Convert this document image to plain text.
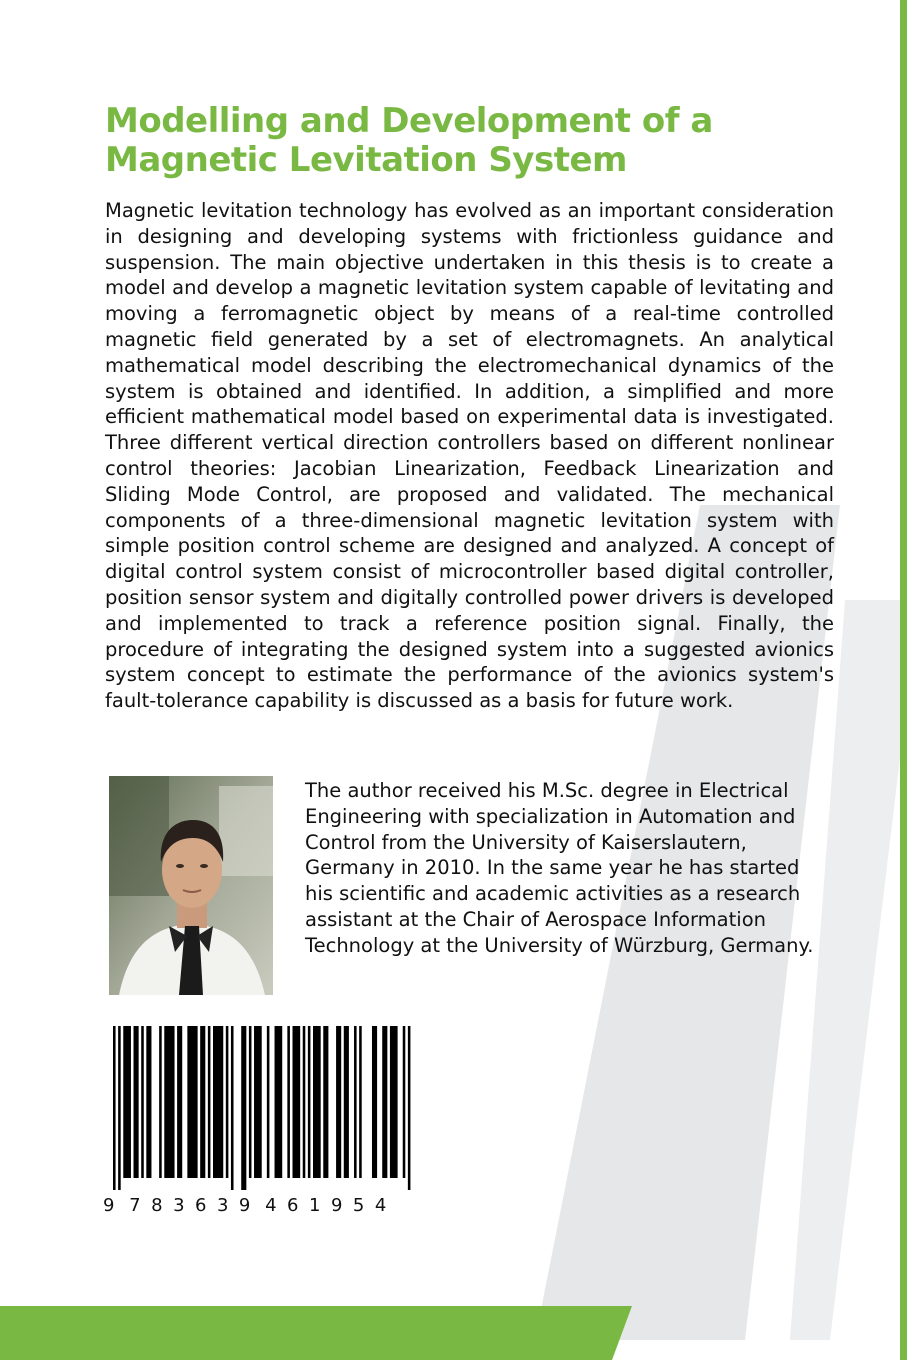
Modelling and Development of a
Magnetic Levitation System

Magnetic levitation technology has evolved as an important consideration in designing and developing systems with frictionless guidance and suspension. The main objective undertaken in this thesis is to create a model and develop a magnetic levitation system capable of levitating and moving a ferromagnetic object by means of a real-time controlled magnetic field generated by a set of electromagnets. An analytical mathematical model describing the electromechanical dynamics of the system is obtained and identified. In addition, a simplified and more efficient mathematical model based on experimental data is investigated. Three different vertical direction controllers based on different nonlinear control theories: Jacobian Linearization, Feedback Linearization and Sliding Mode Control, are proposed and validated. The mechanical components of a three-dimensional magnetic levitation system with simple position control scheme are designed and analyzed. A concept of digital control system consist of microcontroller based digital controller, position sensor system and digitally controlled power drivers is developed and implemented to track a reference position signal. Finally, the procedure of integrating the designed system into a suggested avionics system concept to estimate the performance of the avionics system's fault-tolerance capability is discussed as a basis for future work.

The author received his M.Sc. degree in Electrical Engineering with specialization in Automation and Control from the University of Kaiserslautern, Germany in 2010. In the same year he has started his scientific and academic activities as a research assistant at the Chair of Aerospace Information Technology at the University of Würzburg, Germany.

9 7 8 3 6 3 9 4 6 1 9 5 4
